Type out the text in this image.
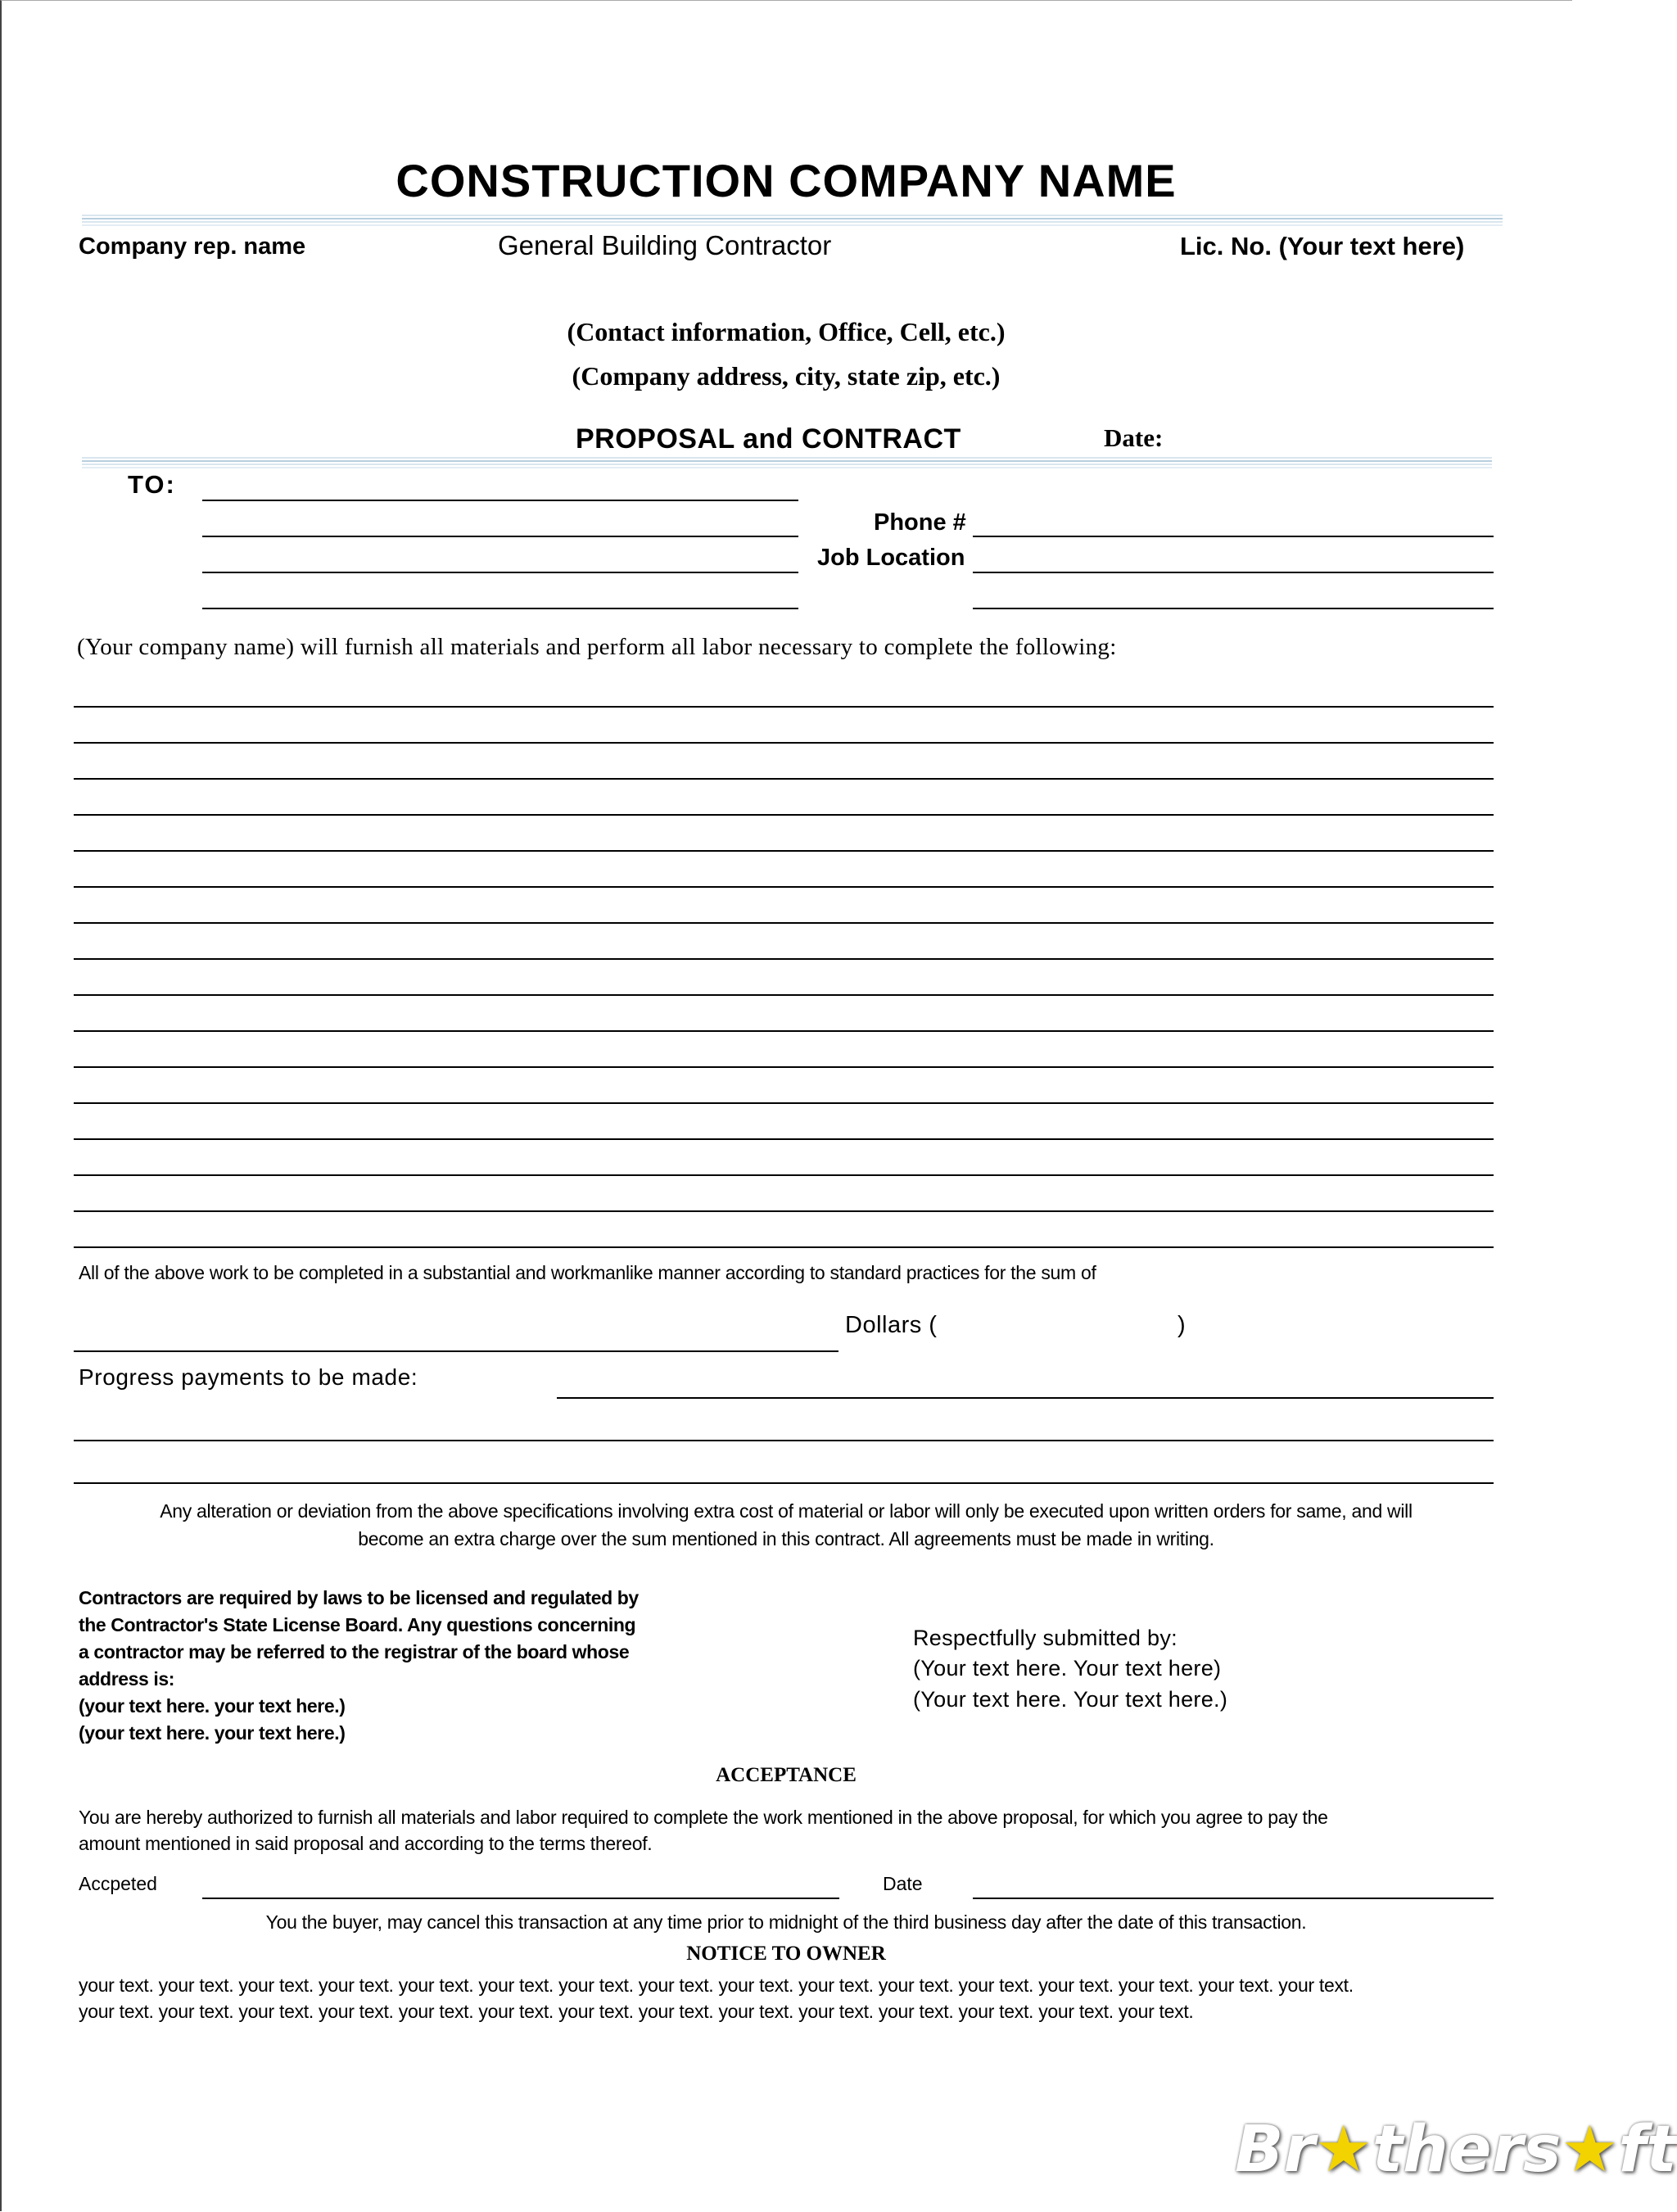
CONSTRUCTION COMPANY NAME
Company rep. name	General Building Contractor	Lic. No. (Your text here)
(Contact information, Office, Cell, etc.)
(Company address, city, state zip, etc.)
PROPOSAL and CONTRACT	Date:
TO:
Phone #
Job Location
(Your company name) will furnish all materials and perform all labor necessary to complete the following:
All of the above work to be completed in a substantial and workmanlike manner according to standard practices for the sum of
Dollars (	)
Progress payments to be made:
Any alteration or deviation from the above specifications involving extra cost of material or labor will only be executed upon written orders for same, and will
become an extra charge over the sum mentioned in this contract. All agreements must be made in writing.
Contractors are required by laws to be licensed and regulated by
the Contractor's State License Board. Any questions concerning
a contractor may be referred to the registrar of the board whose
address is:
(your text here. your text here.)
(your text here. your text here.)
Respectfully submitted by:
(Your text here. Your text here)
(Your text here. Your text here.)
ACCEPTANCE
You are hereby authorized to furnish all materials and labor required to complete the work mentioned in the above proposal, for which you agree to pay the
amount mentioned in said proposal and according to the terms thereof.
Accpeted	Date
You the buyer, may cancel this transaction at any time prior to midnight of the third business day after the date of this transaction.
NOTICE TO OWNER
your text. your text. your text. your text. your text. your text. your text. your text. your text. your text. your text. your text. your text. your text. your text. your text.
your text. your text. your text. your text. your text. your text. your text. your text. your text. your text. your text. your text. your text. your text.
Br★thers★ft
